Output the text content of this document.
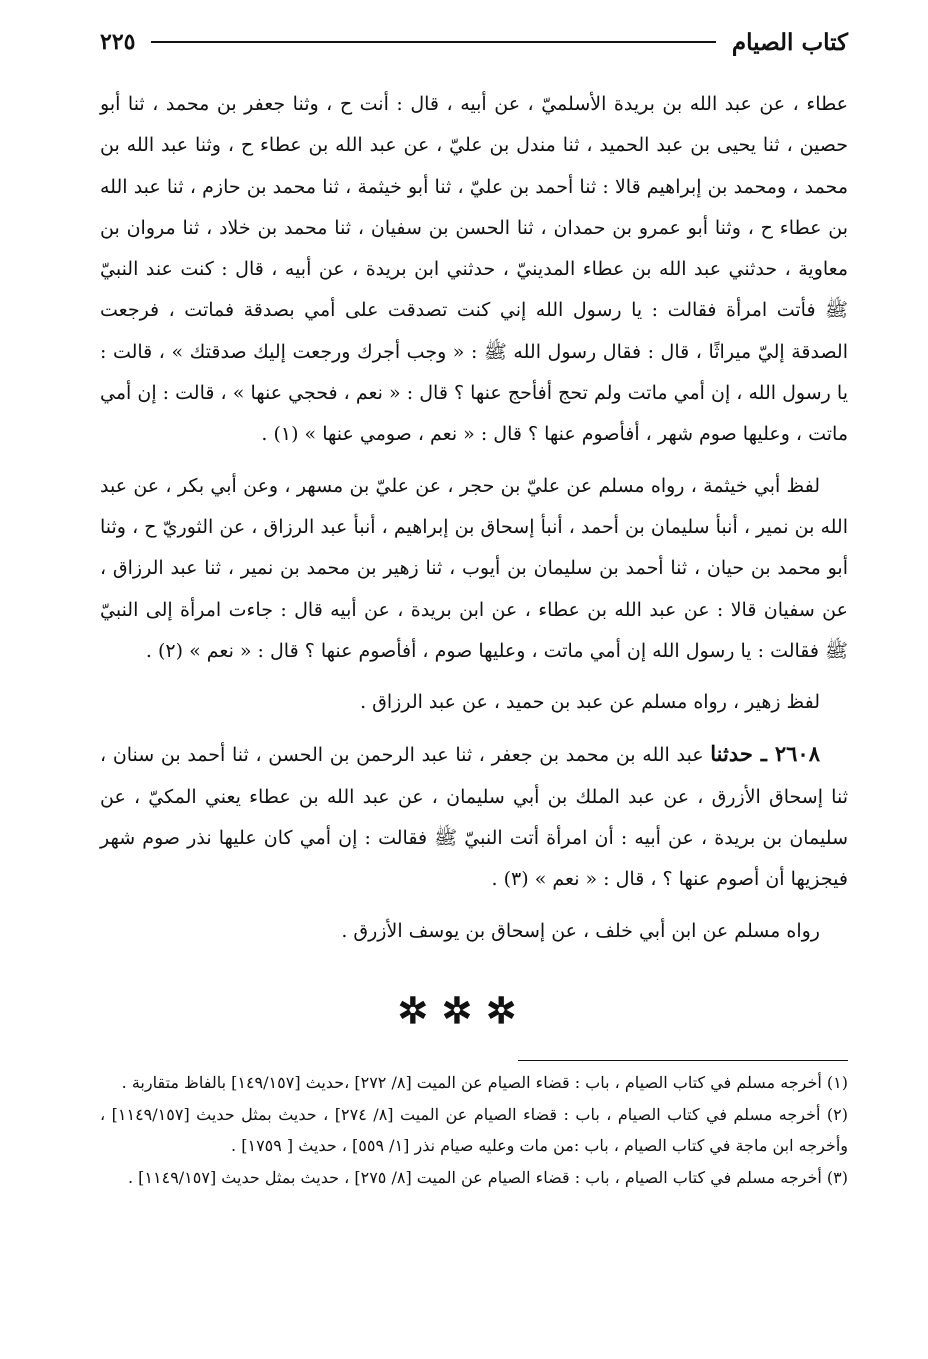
كتاب الصيام
٢٢٥

عطاء ، عن عبد الله بن بريدة الأسلميّ ، عن أبيه ، قال : أنت ح ، وثنا جعفر بن محمد ، ثنا أبو حصين ، ثنا يحيى بن عبد الحميد ، ثنا مندل بن عليّ ، عن عبد الله بن عطاء ح ، وثنا عبد الله بن محمد ، ومحمد بن إبراهيم قالا : ثنا أحمد بن عليّ ، ثنا أبو خيثمة ، ثنا محمد بن حازم ، ثنا عبد الله بن عطاء ح ، وثنا أبو عمرو بن حمدان ، ثنا الحسن بن سفيان ، ثنا محمد بن خلاد ، ثنا مروان بن معاوية ، حدثني عبد الله بن عطاء المدينيّ ، حدثني ابن بريدة ، عن أبيه ، قال : كنت عند النبيّ ﷺ فأتت امرأة فقالت : يا رسول الله إني كنت تصدقت على أمي بصدقة فماتت ، فرجعت الصدقة إليّ ميراثًا ، قال : فقال رسول الله ﷺ : « وجب أجرك ورجعت إليك صدقتك » ، قالت : يا رسول الله ، إن أمي ماتت ولم تحج أفأحج عنها ؟ قال : « نعم ، فحجي عنها » ، قالت : إن أمي ماتت ، وعليها صوم شهر ، أفأصوم عنها ؟ قال : « نعم ، صومي عنها » (١) .

لفظ أبي خيثمة ، رواه مسلم عن عليّ بن حجر ، عن عليّ بن مسهر ، وعن أبي بكر ، عن عبد الله بن نمير ، أنبأ سليمان بن أحمد ، أنبأ إسحاق بن إبراهيم ، أنبأ عبد الرزاق ، عن الثوريّ ح ، وثنا أبو محمد بن حيان ، ثنا أحمد بن سليمان بن أيوب ، ثنا زهير بن محمد بن نمير ، ثنا عبد الرزاق ، عن سفيان قالا : عن عبد الله بن عطاء ، عن ابن بريدة ، عن أبيه قال : جاءت امرأة إلى النبيّ ﷺ فقالت : يا رسول الله إن أمي ماتت ، وعليها صوم ، أفأصوم عنها ؟ قال : « نعم » (٢) .

لفظ زهير ، رواه مسلم عن عبد بن حميد ، عن عبد الرزاق .

٢٦٠٨ ـ حدثنا عبد الله بن محمد بن جعفر ، ثنا عبد الرحمن بن الحسن ، ثنا أحمد بن سنان ، ثنا إسحاق الأزرق ، عن عبد الملك بن أبي سليمان ، عن عبد الله بن عطاء يعني المكيّ ، عن سليمان بن بريدة ، عن أبيه : أن امرأة أتت النبيّ ﷺ فقالت : إن أمي كان عليها نذر صوم شهر فيجزيها أن أصوم عنها ؟ ، قال : « نعم » (٣) .

رواه مسلم عن ابن أبي خلف ، عن إسحاق بن يوسف الأزرق .

✲✲✲

(١) أخرجه مسلم في كتاب الصيام ، باب : قضاء الصيام عن الميت [٨/ ٢٧٢] ،حديث [١٤٩/١٥٧] بالفاظ متقاربة .

(٢) أخرجه مسلم في كتاب الصيام ، باب : قضاء الصيام عن الميت [٨/ ٢٧٤] ، حديث بمثل حديث [١١٤٩/١٥٧] ، وأخرجه ابن ماجة في كتاب الصيام ، باب :من مات وعليه صيام نذر [١/ ٥٥٩] ، حديث [ ١٧٥٩] .

(٣) أخرجه مسلم في كتاب الصيام ، باب : قضاء الصيام عن الميت [٨/ ٢٧٥] ، حديث بمثل حديث [١١٤٩/١٥٧] .
